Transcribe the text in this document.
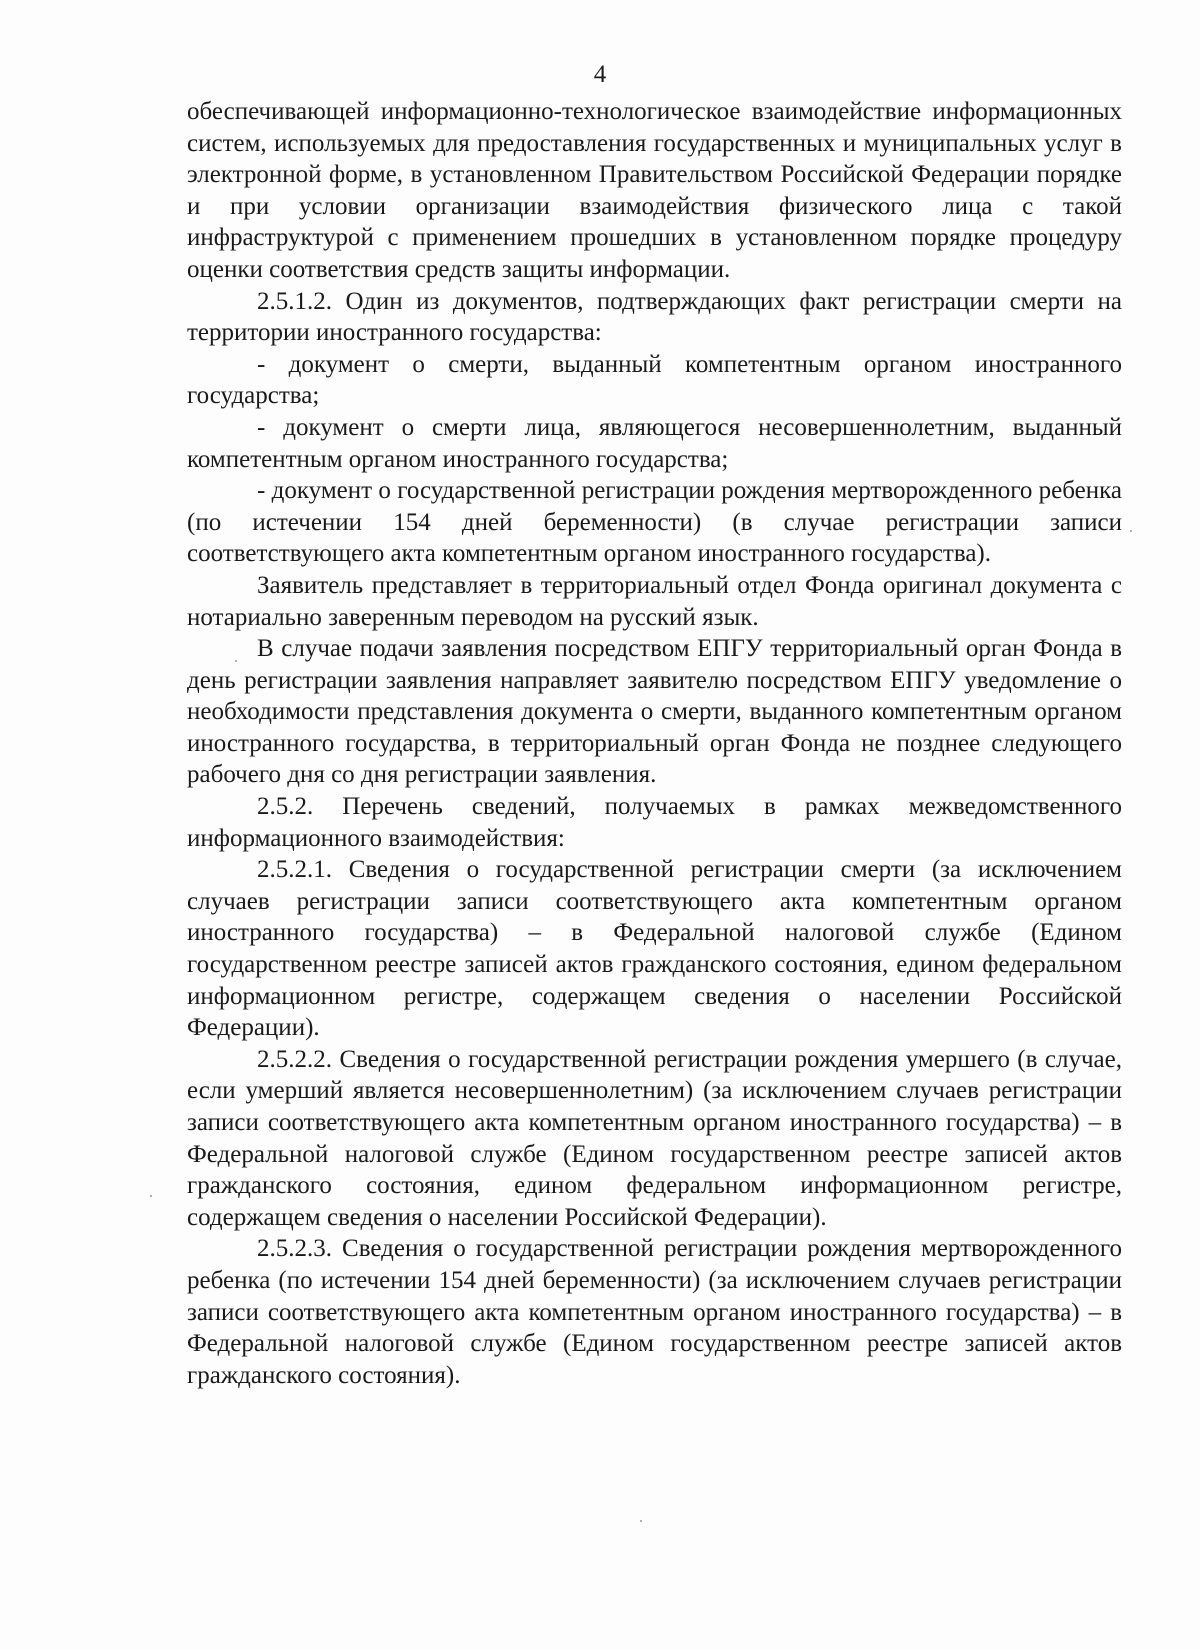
4

обеспечивающей информационно-технологическое взаимодействие информационных систем, используемых для предоставления государственных и муниципальных услуг в электронной форме, в установленном Правительством Российской Федерации порядке и при условии организации взаимодействия физического лица с такой инфраструктурой с применением прошедших в установленном порядке процедуру оценки соответствия средств защиты информации.

2.5.1.2. Один из документов, подтверждающих факт регистрации смерти на территории иностранного государства:

- документ о смерти, выданный компетентным органом иностранного государства;

- документ о смерти лица, являющегося несовершеннолетним, выданный компетентным органом иностранного государства;

- документ о государственной регистрации рождения мертворожденного ребенка (по истечении 154 дней беременности) (в случае регистрации записи соответствующего акта компетентным органом иностранного государства).

Заявитель представляет в территориальный отдел Фонда оригинал документа с нотариально заверенным переводом на русский язык.

В случае подачи заявления посредством ЕПГУ территориальный орган Фонда в день регистрации заявления направляет заявителю посредством ЕПГУ уведомление о необходимости представления документа о смерти, выданного компетентным органом иностранного государства, в территориальный орган Фонда не позднее следующего рабочего дня со дня регистрации заявления.

2.5.2. Перечень сведений, получаемых в рамках межведомственного информационного взаимодействия:

2.5.2.1. Сведения о государственной регистрации смерти (за исключением случаев регистрации записи соответствующего акта компетентным органом иностранного государства) – в Федеральной налоговой службе (Едином государственном реестре записей актов гражданского состояния, едином федеральном информационном регистре, содержащем сведения о населении Российской Федерации).

2.5.2.2. Сведения о государственной регистрации рождения умершего (в случае, если умерший является несовершеннолетним) (за исключением случаев регистрации записи соответствующего акта компетентным органом иностранного государства) – в Федеральной налоговой службе (Едином государственном реестре записей актов гражданского состояния, едином федеральном информационном регистре, содержащем сведения о населении Российской Федерации).

2.5.2.3. Сведения о государственной регистрации рождения мертворожденного ребенка (по истечении 154 дней беременности) (за исключением случаев регистрации записи соответствующего акта компетентным органом иностранного государства) – в Федеральной налоговой службе (Едином государственном реестре записей актов гражданского состояния).
